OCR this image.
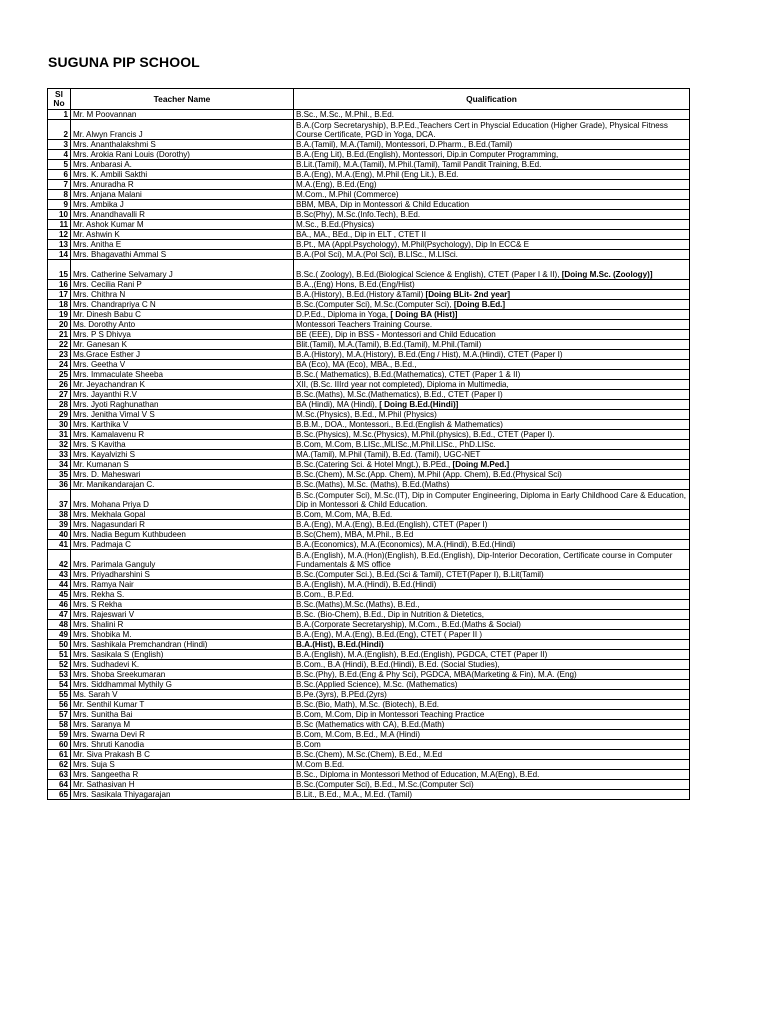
SUGUNA PIP SCHOOL
Sl
No	Teacher Name	Qualification
1	Mr. M Poovannan	B.Sc., M.Sc., M.Phil., B.Ed.
2	Mr. Alwyn Francis J	B.A.(Corp Secretaryship), B.P.Ed.,Teachers Cert in Physcial Education (Higher Grade), Physical Fitness Course Certificate, PGD in Yoga, DCA.
3	Mrs. Ananthalakshmi S	B.A.(Tamil), M.A.(Tamil), Montessori, D.Pharm., B.Ed.(Tamil)
4	Mrs. Arokia Rani Louis (Dorothy)	B.A.(Eng Lit), B.Ed.(English), Montessori, Dip.in Computer Programming,
5	Mrs. Anbarasi A.	B.Lit.(Tamil), M.A.(Tamil), M.Phil.(Tamil), Tamil Pandit Training, B.Ed.
6	Mrs. K. Ambili Sakthi	B.A.(Eng), M.A.(Eng), M.Phil (Eng Lit.), B.Ed.
7	Mrs. Anuradha R	M.A.(Eng), B.Ed.(Eng)
8	Mrs. Anjana Malani	M.Com., M.Phil (Commerce)
9	Mrs. Ambika J	BBM, MBA, Dip in Montessori & Child Education
10	Mrs. Anandhavalli R	B.Sc(Phy), M.Sc.(Info.Tech), B.Ed.
11	Mr. Ashok Kumar M	M.Sc., B.Ed.(Physics)
12	Mr. Ashwin K	BA., MA., BEd., Dip in ELT , CTET II
13	Mrs. Anitha E	B.Pt., MA (Appl.Psychology), M.Phil(Psychology), Dip In ECC& E
14	Mrs. Bhagavathi Ammal S	B.A.(Pol Sci), M.A.(Pol Sci), B.LISc., M.LISci.
15	Mrs. Catherine Selvamary J	B.Sc.( Zoology), B.Ed.(Biological Science & English), CTET (Paper I & II), [Doing M.Sc. (Zoology)]
16	Mrs. Cecilia Rani P	B.A.,(Eng) Hons, B.Ed.(Eng/Hist)
17	Mrs. Chithra N	B.A.(History), B.Ed.(History &Tamil) [Doing BLit- 2nd year]
18	Mrs. Chandrapriya C N	B.Sc.(Computer Sci), M.Sc.(Computer Sci), [Doing B.Ed.]
19	Mr. Dinesh Babu C	D.P.Ed., Diploma in Yoga, [ Doing BA (Hist)]
20	Ms. Dorothy Anto	Montessori Teachers Training Course.
21	Mrs. P S Dhivya	BE (EEE), Dip in BSS - Montessori and Child Education
22	Mr. Ganesan K	Blit.(Tamil), M.A.(Tamil), B.Ed.(Tamil), M.Phil.(Tamil)
23	Ms.Grace Esther J	B.A.(History), M.A.(History), B.Ed.(Eng / Hist), M.A.(Hindi), CTET (Paper I)
24	Mrs. Geetha V	BA (Eco), MA (Eco), MBA., B.Ed.,
25	Mrs. Immaculate Sheeba	B.Sc.( Mathematics), B.Ed.(Mathematics), CTET (Paper 1 & II)
26	Mr. Jeyachandran K	XII, (B.Sc. IIIrd year not completed), Diploma in Multimedia,
27	Mrs. Jayanthi R.V	B.Sc.(Maths), M.Sc.(Mathematics), B.Ed., CTET (Paper I)
28	Mrs. Jyoti Raghunathan	BA (Hindi), MA (Hindi), [ Doing B.Ed.(Hindi)]
29	Mrs. Jenitha Vimal V S	M.Sc.(Physics), B.Ed., M.Phil (Physics)
30	Mrs. Karthika V	B.B.M., DOA., Montessori., B.Ed.(English & Mathematics)
31	Mrs. Kamalavenu R	B.Sc.(Physics), M.Sc.(Physics), M.Phil.(physics), B.Ed., CTET (Paper I).
32	Mrs. S Kavitha	B.Com, M.Com, B.LISc.,MLISc.,M.Phil.LISc., PhD.LISc.
33	Mrs. Kayalvizhi S	MA.(Tamil), M.Phil (Tamil), B.Ed. (Tamil), UGC-NET
34	Mr. Kumanan S	B.Sc.(Catering Sci. & Hotel Mngt.), B.PEd., [Doing M.Ped.]
35	Mrs. D. Maheswari	B.Sc.(Chem), M.Sc.(App. Chem), M.Phil (App. Chem), B.Ed.(Physical Sci)
36	Mr. Manikandarajan C.	B.Sc.(Maths), M.Sc. (Maths), B.Ed.(Maths)
37	Mrs. Mohana Priya D	B.Sc.(Computer Sci), M.Sc.(IT), Dip in Computer Engineering, Diploma in Early Childhood Care & Education, Dip in Montessori & Child Education.
38	Mrs. Mekhala Gopal	B.Com, M.Com, MA, B.Ed.
39	Mrs. Nagasundari R	B.A.(Eng), M.A.(Eng), B.Ed.(English), CTET (Paper I)
40	Mrs. Nadia Begum Kuthbudeen	B.Sc(Chem), MBA, M.Phil., B.Ed
41	Mrs. Padmaja C	B.A.(Economics), M.A.(Economics), M.A.(Hindi), B.Ed.(Hindi)
42	Mrs. Parimala Ganguly	B.A.(English), M.A.(Hon)(English), B.Ed.(English), Dip-Interior Decoration, Certificate course in Computer Fundamentals & MS office
43	Mrs. Priyadharshini S	B.Sc.(Computer Sci.), B.Ed.(Sci & Tamil), CTET(Paper I), B.Lit(Tamil)
44	Mrs. Ramya Nair	B.A.(English), M.A.(Hindi), B.Ed.(Hindi)
45	Mrs. Rekha S.	B.Com., B.P.Ed.
46	Mrs. S Rekha	B.Sc.(Maths),M.Sc.(Maths), B.Ed.,
47	Mrs. Rajeswari V	B.Sc. (Bio-Chem), B.Ed., Dip in Nutrition & Dietetics,
48	Mrs. Shalini R	B.A.(Corporate Secretaryship), M.Com., B.Ed.(Maths & Social)
49	Mrs. Shobika M.	B.A.(Eng), M.A.(Eng), B.Ed.(Eng), CTET ( Paper II )
50	Mrs. Sashikala Premchandran (Hindi)	B.A.(Hist), B.Ed.(Hindi)
51	Mrs. Sasikala S (English)	B.A.(English), M.A.(English), B.Ed.(English), PGDCA, CTET (Paper II)
52	Mrs. Sudhadevi K.	B.Com., B.A (Hindi), B.Ed.(Hindi), B.Ed. (Social Studies),
53	Mrs. Shoba Sreekumaran	B.Sc.(Phy), B.Ed.(Eng & Phy Sci), PGDCA, MBA(Marketing & Fin), M.A. (Eng)
54	Mrs. Siddhammal Mythily G	B.Sc.(Applied Science), M.Sc. (Mathematics)
55	Ms. Sarah V	B.Pe.(3yrs), B.PEd.(2yrs)
56	Mr. Senthil Kumar T	B.Sc.(Bio, Math), M.Sc. (Biotech), B.Ed.
57	Mrs. Sunitha Bai	B.Com, M.Com, Dip in Montessori Teaching Practice
58	Mrs. Saranya M	B.Sc (Mathematics with CA), B.Ed.(Math)
59	Mrs. Swarna Devi R	B.Com, M.Com, B.Ed., M.A (Hindi)
60	Mrs. Shruti Kanodia	B.Com
61	Mr. Siva Prakash B C	B.Sc.(Chem), M.Sc.(Chem), B.Ed., M.Ed
62	Mrs. Suja S	M.Com B.Ed.
63	Mrs. Sangeetha R	B.Sc., Diploma in Montessori Method of Education, M.A(Eng), B.Ed.
64	Mr. Sathasivan H	B.Sc.(Computer Sci), B.Ed., M.Sc.(Computer Sci)
65	Mrs. Sasikala Thiyagarajan	B.Lit., B.Ed., M.A., M.Ed. (Tamil)
